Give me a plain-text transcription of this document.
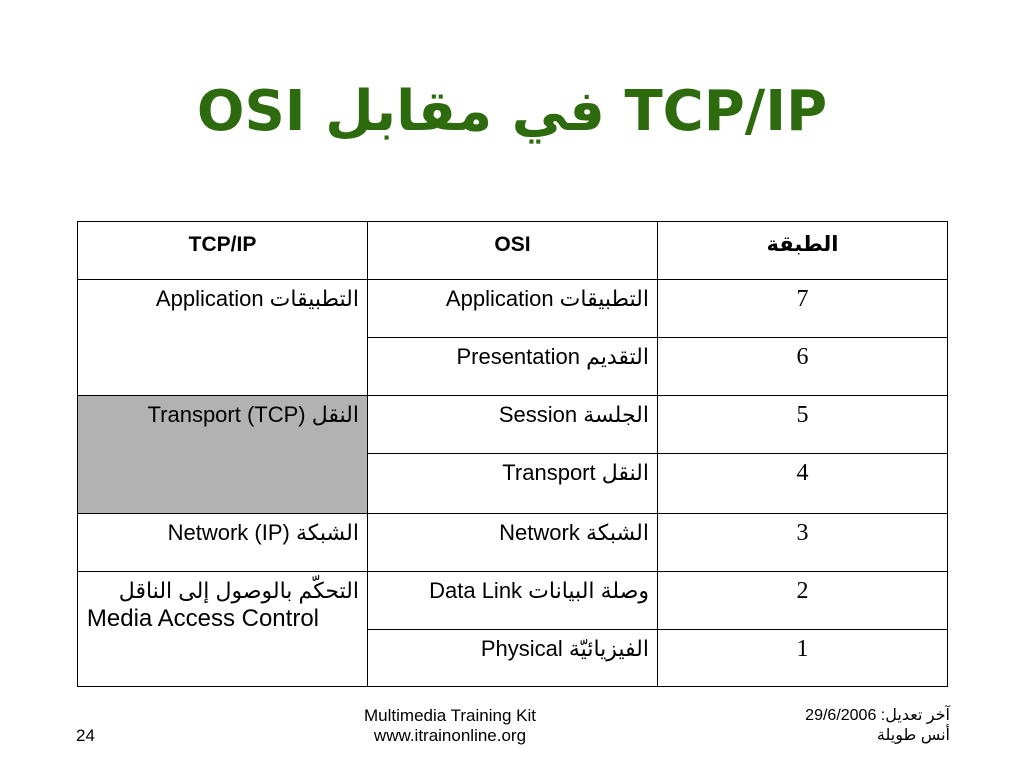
OSI في مقابل TCP/IP
TCP/IP	OSI	الطبقة
Application التطبيقات	Application التطبيقات	7
	Presentation التقديم	6
Transport (TCP) النقل	Session الجلسة	5
	Transport النقل	4
Network (IP) الشبكة	Network الشبكة	3

التحكّم بالوصول إلى الناقل
Media Access Control	Data Link وصلة البيانات	2
	Physical الفيزيائيّة	1
24
Multimedia Training Kit
www.itrainonline.org
آخر تعديل: 29/6/2006
أنس طويلة
